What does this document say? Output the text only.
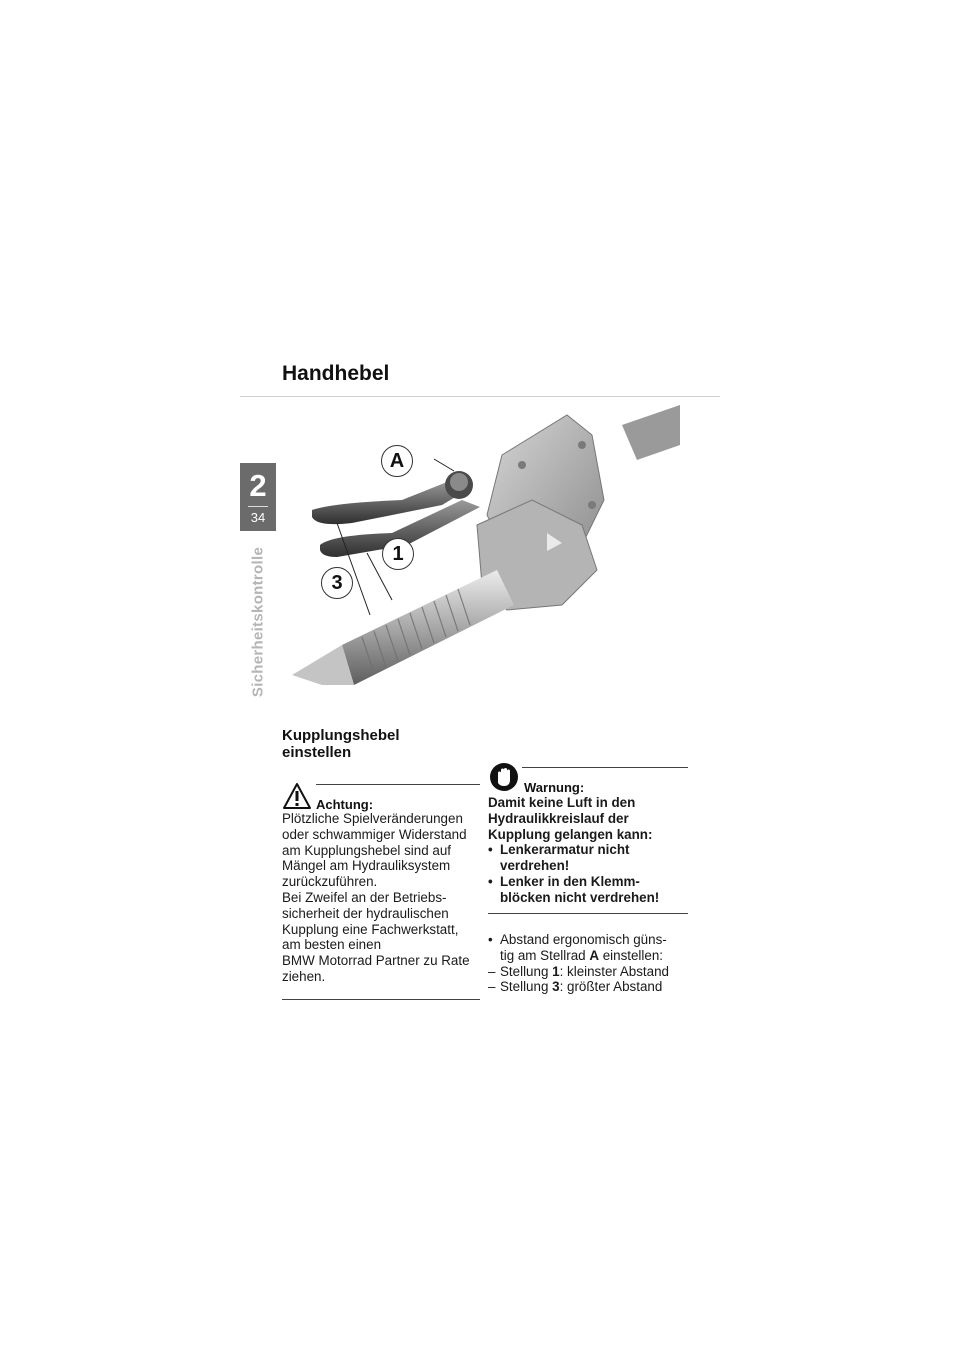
Handhebel
2
34
Sicherheitskontrolle
A
1
3
Kupplungshebel
einstellen
Achtung:
Plötzliche Spielveränderungen
oder schwammiger Widerstand
am Kupplungshebel sind auf
Mängel am Hydrauliksystem
zurückzuführen.
Bei Zweifel an der Betriebs-
sicherheit der hydraulischen
Kupplung eine Fachwerkstatt,
am besten einen
BMW Motorrad Partner zu Rate
ziehen.
Warnung:
Damit keine Luft in den
Hydraulikkreislauf der
Kupplung gelangen kann:
• Lenkerarmatur nicht
verdrehen!
• Lenker in den Klemm-
blöcken nicht verdrehen!
• Abstand ergonomisch güns-
tig am Stellrad A einstellen:
– Stellung 1: kleinster Abstand
– Stellung 3: größter Abstand
